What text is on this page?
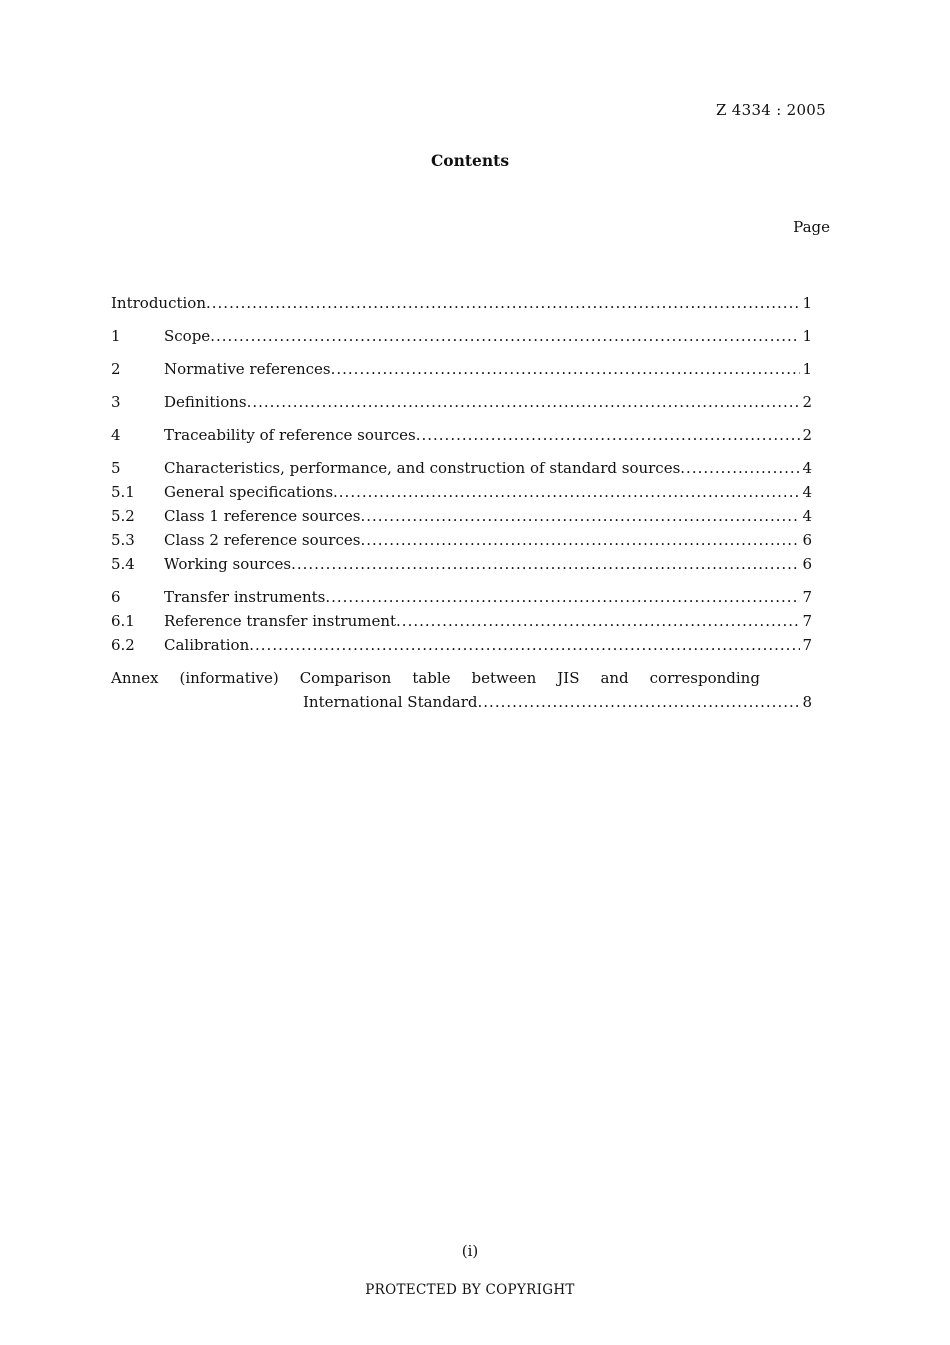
Z 4334 : 2005
Contents
Page
Introduction .....	1
1	Scope .....	1
2	Normative references .....	1
3	Definitions .....	2
4	Traceability of reference sources .....	2
5	Characteristics, performance, and construction of standard sources .....	4
5.1	General specifications .....	4
5.2	Class 1 reference sources .....	4
5.3	Class 2 reference sources .....	6
5.4	Working sources .....	6
6	Transfer instruments .....	7
6.1	Reference transfer instrument .....	7
6.2	Calibration .....	7
Annex (informative) Comparison table between JIS and corresponding
International Standard .....	8
(i)
PROTECTED BY COPYRIGHT
